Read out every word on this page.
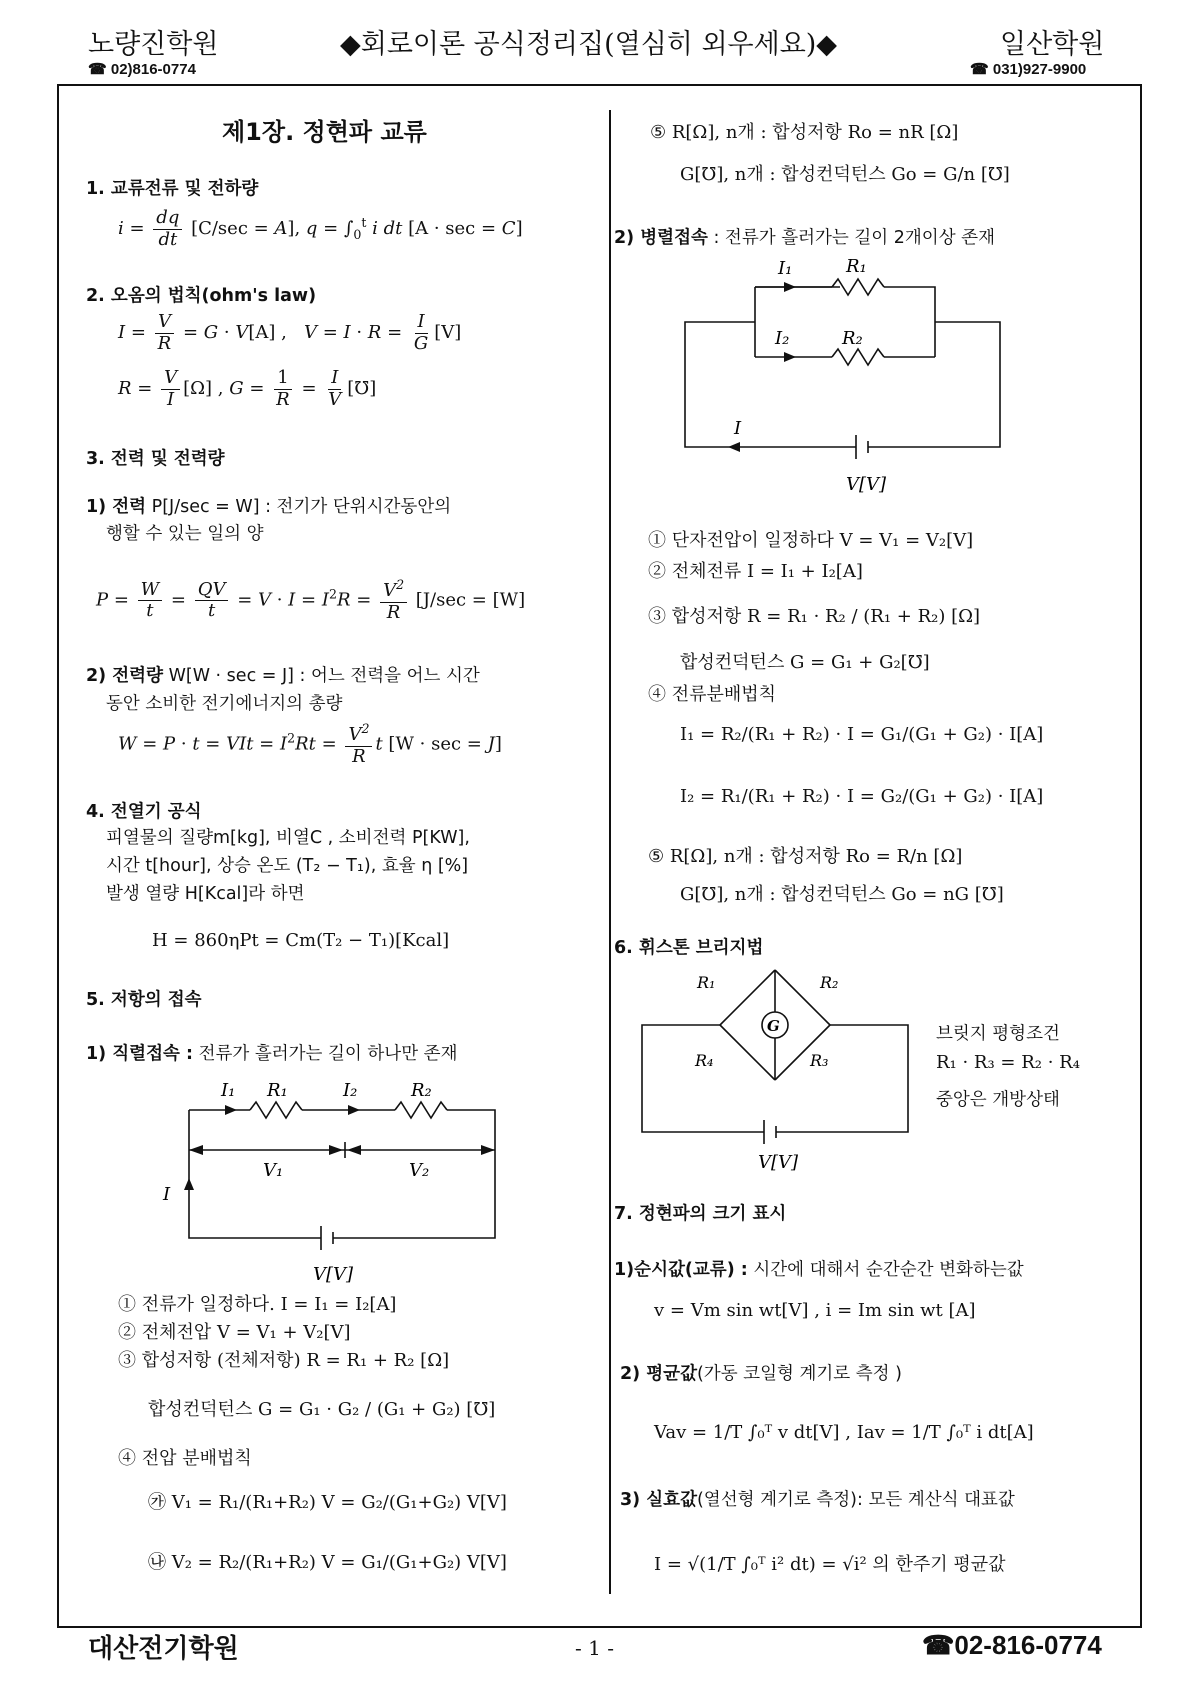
노량진학원
☎ 02)816-0774
◆회로이론 공식정리집(열심히 외우세요)◆	일산학원
☎ 031)927-9900
제1장. 정현파 교류
1. 교류전류 및 전하량
$i = \frac{dq}{dt} [C/\sec = A]$, $q = \int_0^t$ i dt [A · sec = C]
2. 오옴의 법칙(ohm's law)
$I = \frac{V}{R} = G \cdot V[A]$ ,   $V = I \cdot R = \frac{I}{G} [V]$
$R = \frac{V}{I} [\Omega]$ , $G = \frac{1}{R} = \frac{I}{V}$ [℧]
3. 전력 및 전력량
1) 전력 P[J/sec = W] : 전기가 단위시간동안의
행할 수 있는 일의 양
$P = \frac{W}{t} = \frac{QV}{t} = V \cdot I = I^2R = \frac{V^2}{R} [J/\sec = [W]$
2) 전력량 W[W · sec = J] : 어느 전력을 어느 시간
동안 소비한 전기에너지의 총량
W = P · t = VIt = $I^2Rt = \frac{V^2}{R}$ t [W · sec = J]
4. 전열기 공식
피열물의 질량m[kg], 비열C , 소비전력 P[KW],
시간 t[hour], 상승 온도 (T₂ − T₁), 효율 η [%]
발생 열량 H[Kcal]라 하면
H = 860ηPt = Cm(T₂ − T₁)[Kcal]
5. 저항의 접속
1) 직렬접속 : 전류가 흘러가는 길이 하나만 존재
I₁ R₁	I₂	R₂
V₁	V₂
I
V[V]
① 전류가 일정하다. I = I₁ = I₂[A]
② 전체전압 V = V₁ + V₂[V]
③ 합성저항 (전체저항) R = R₁ + R₂ [Ω]
합성컨덕턴스 G = G₁ · G₂ / (G₁ + G₂) [℧]
④ 전압 분배법칙
㉮ V₁ = R₁/(R₁+R₂) V = G₂/(G₁+G₂) V[V]
㉯ V₂ = R₂/(R₁+R₂) V = G₁/(G₁+G₂) V[V]
⑤ R[Ω], n개 : 합성저항 Ro = nR [Ω]
G[℧], n개 : 합성컨덕턴스 Go = G/n [℧]
2) 병렬접속 : 전류가 흘러가는 길이 2개이상 존재
I₁	R₁
I₂	R₂
I
V[V]
① 단자전압이 일정하다 V = V₁ = V₂[V]
② 전체전류 I = I₁ + I₂[A]
③ 합성저항 R = R₁ · R₂ / (R₁ + R₂) [Ω]
합성컨덕턴스 G = G₁ + G₂[℧]
④ 전류분배법칙
I₁ = R₂/(R₁ + R₂) · I = G₁/(G₁ + G₂) · I[A]
I₂ = R₁/(R₁ + R₂) · I = G₂/(G₁ + G₂) · I[A]
⑤ R[Ω], n개 : 합성저항 Ro = R/n [Ω]
G[℧], n개 : 합성컨덕턴스 Go = nG [℧]
6. 휘스톤 브리지법
R₁	R₂
R₄	R₃
G
V[V]
브릿지 평형조건
R₁ · R₃ = R₂ · R₄
중앙은 개방상태
7. 정현파의 크기 표시
1)순시값(교류) : 시간에 대해서 순간순간 변화하는값
v = Vm sin wt[V] , i = Im sin wt [A]
2) 평균값(가동 코일형 계기로 측정 )
Vav = 1/T ∫₀ᵀ v dt[V] , Iav = 1/T ∫₀ᵀ i dt[A]
3) 실효값(열선형 계기로 측정): 모든 계산식 대표값
I = √(1/T ∫₀ᵀ i² dt) = √i² 의 한주기 평균값
대산전기학원	- 1 -	☎02-816-0774
